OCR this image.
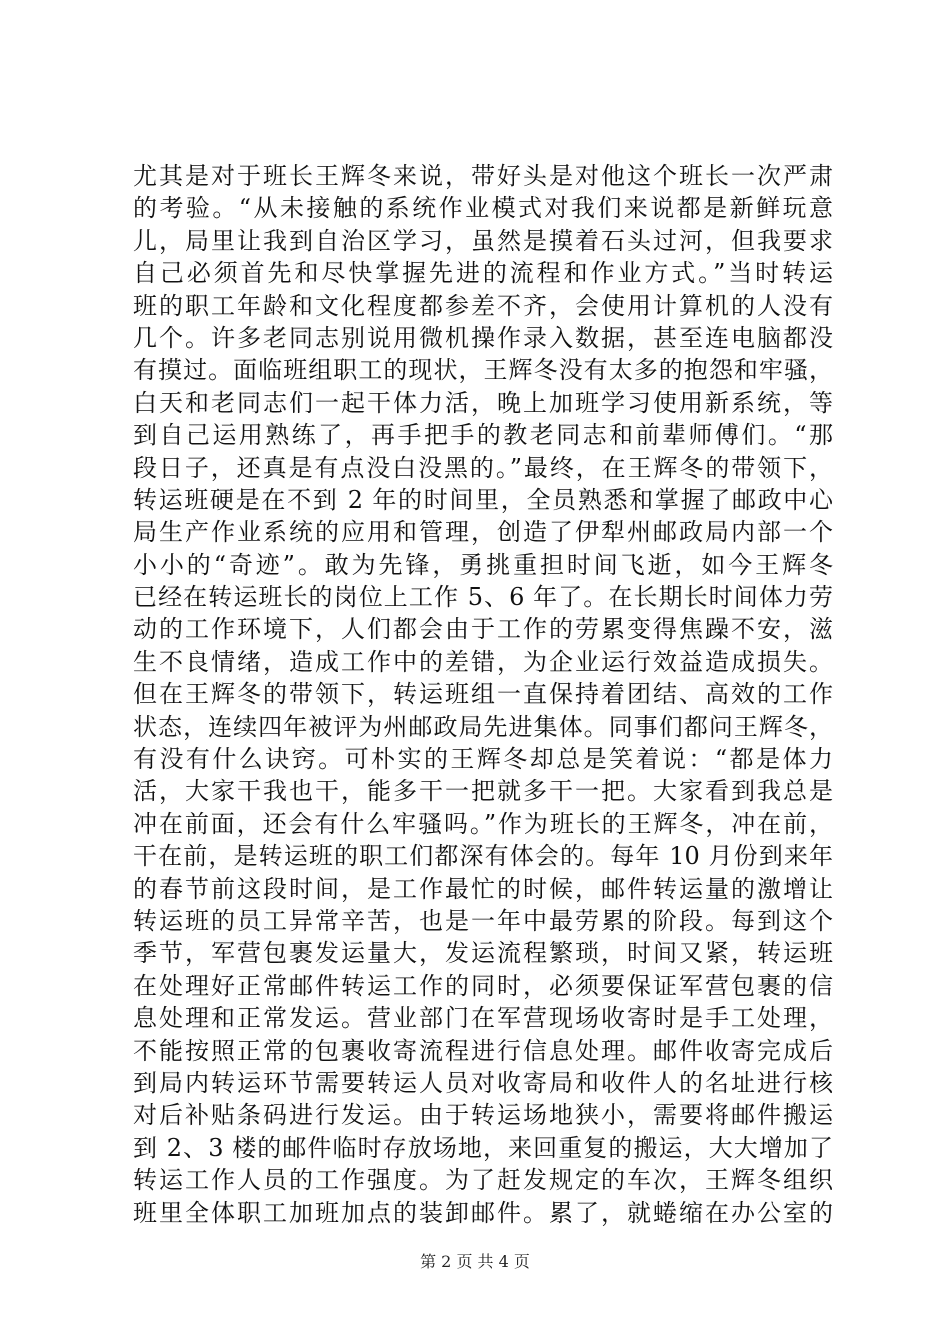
尤其是对于班长王辉冬来说，带好头是对他这个班长一次严肃
的考验。“从未接触的系统作业模式对我们来说都是新鲜玩意
儿，局里让我到自治区学习，虽然是摸着石头过河，但我要求
自己必须首先和尽快掌握先进的流程和作业方式。”当时转运
班的职工年龄和文化程度都参差不齐，会使用计算机的人没有
几个。许多老同志别说用微机操作录入数据，甚至连电脑都没
有摸过。面临班组职工的现状，王辉冬没有太多的抱怨和牢骚，
白天和老同志们一起干体力活，晚上加班学习使用新系统，等
到自己运用熟练了，再手把手的教老同志和前辈师傅们。“那
段日子，还真是有点没白没黑的。”最终，在王辉冬的带领下，
转运班硬是在不到 2 年的时间里，全员熟悉和掌握了邮政中心
局生产作业系统的应用和管理，创造了伊犁州邮政局内部一个
小小的“奇迹”。敢为先锋，勇挑重担时间飞逝，如今王辉冬
已经在转运班长的岗位上工作 5、6 年了。在长期长时间体力劳
动的工作环境下，人们都会由于工作的劳累变得焦躁不安，滋
生不良情绪，造成工作中的差错，为企业运行效益造成损失。
但在王辉冬的带领下，转运班组一直保持着团结、高效的工作
状态，连续四年被评为州邮政局先进集体。同事们都问王辉冬，
有没有什么诀窍。可朴实的王辉冬却总是笑着说：“都是体力
活，大家干我也干，能多干一把就多干一把。大家看到我总是
冲在前面，还会有什么牢骚吗。”作为班长的王辉冬，冲在前，
干在前，是转运班的职工们都深有体会的。每年 10 月份到来年
的春节前这段时间，是工作最忙的时候，邮件转运量的激增让
转运班的员工异常辛苦，也是一年中最劳累的阶段。每到这个
季节，军营包裹发运量大，发运流程繁琐，时间又紧，转运班
在处理好正常邮件转运工作的同时，必须要保证军营包裹的信
息处理和正常发运。营业部门在军营现场收寄时是手工处理，
不能按照正常的包裹收寄流程进行信息处理。邮件收寄完成后
到局内转运环节需要转运人员对收寄局和收件人的名址进行核
对后补贴条码进行发运。由于转运场地狭小，需要将邮件搬运
到 2、3 楼的邮件临时存放场地，来回重复的搬运，大大增加了
转运工作人员的工作强度。为了赶发规定的车次，王辉冬组织
班里全体职工加班加点的装卸邮件。累了，就蜷缩在办公室的
第 2 页 共 4 页
